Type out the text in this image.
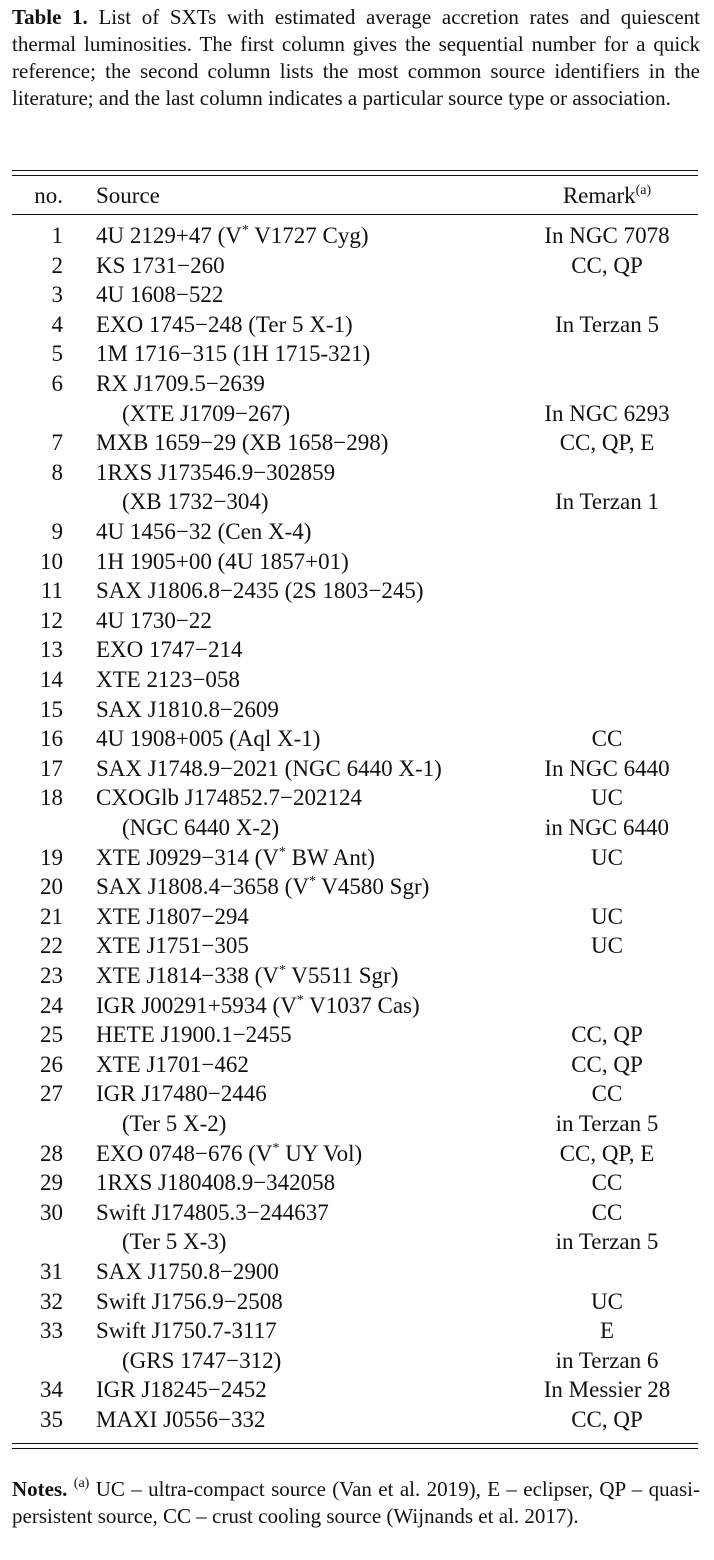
Table 1. List of SXTs with estimated average accretion rates and quiescent thermal luminosities. The first column gives the sequential number for a quick reference; the second column lists the most common source identifiers in the literature; and the last column indicates a particular source type or association.
no. Source	Remark$^{(a)}$
1 4U 2129+47 (V* V1727 Cyg)	In NGC 7078
2 KS 1731−260	CC, QP
3 4U 1608−522
4 EXO 1745−248 (Ter 5 X-1)	In Terzan 5
5 1M 1716−315 (1H 1715-321)
6 RX J1709.5−2639
(XTE J1709−267)	In NGC 6293
7 MXB 1659−29 (XB 1658−298)	CC, QP, E
8 1RXS J173546.9−302859
(XB 1732−304)	In Terzan 1
9 4U 1456−32 (Cen X-4)
10 1H 1905+00 (4U 1857+01)
11 SAX J1806.8−2435 (2S 1803−245)
12 4U 1730−22
13 EXO 1747−214
14 XTE 2123−058
15 SAX J1810.8−2609
16 4U 1908+005 (Aql X-1)	CC
17 SAX J1748.9−2021 (NGC 6440 X-1)	In NGC 6440
18 CXOGlb J174852.7−202124	UC
(NGC 6440 X-2)	in NGC 6440
19 XTE J0929−314 (V* BW Ant)	UC
20 SAX J1808.4−3658 (V* V4580 Sgr)
21 XTE J1807−294	UC
22 XTE J1751−305	UC
23 XTE J1814−338 (V* V5511 Sgr)
24 IGR J00291+5934 (V* V1037 Cas)
25 HETE J1900.1−2455	CC, QP
26 XTE J1701−462	CC, QP
27 IGR J17480−2446	CC
(Ter 5 X-2)	in Terzan 5
28 EXO 0748−676 (V* UY Vol)	CC, QP, E
29 1RXS J180408.9−342058	CC
30 Swift J174805.3−244637	CC
(Ter 5 X-3)	in Terzan 5
31 SAX J1750.8−2900
32 Swift J1756.9−2508	UC
33 Swift J1750.7-3117	E
(GRS 1747−312)	in Terzan 6
34 IGR J18245−2452	In Messier 28
35 MAXI J0556−332	CC, QP
Notes. $^{(a)}$ UC – ultra-compact source (Van et al. 2019), E – eclipser, QP – quasi-persistent source, CC – crust cooling source (Wijnands et al. 2017).
